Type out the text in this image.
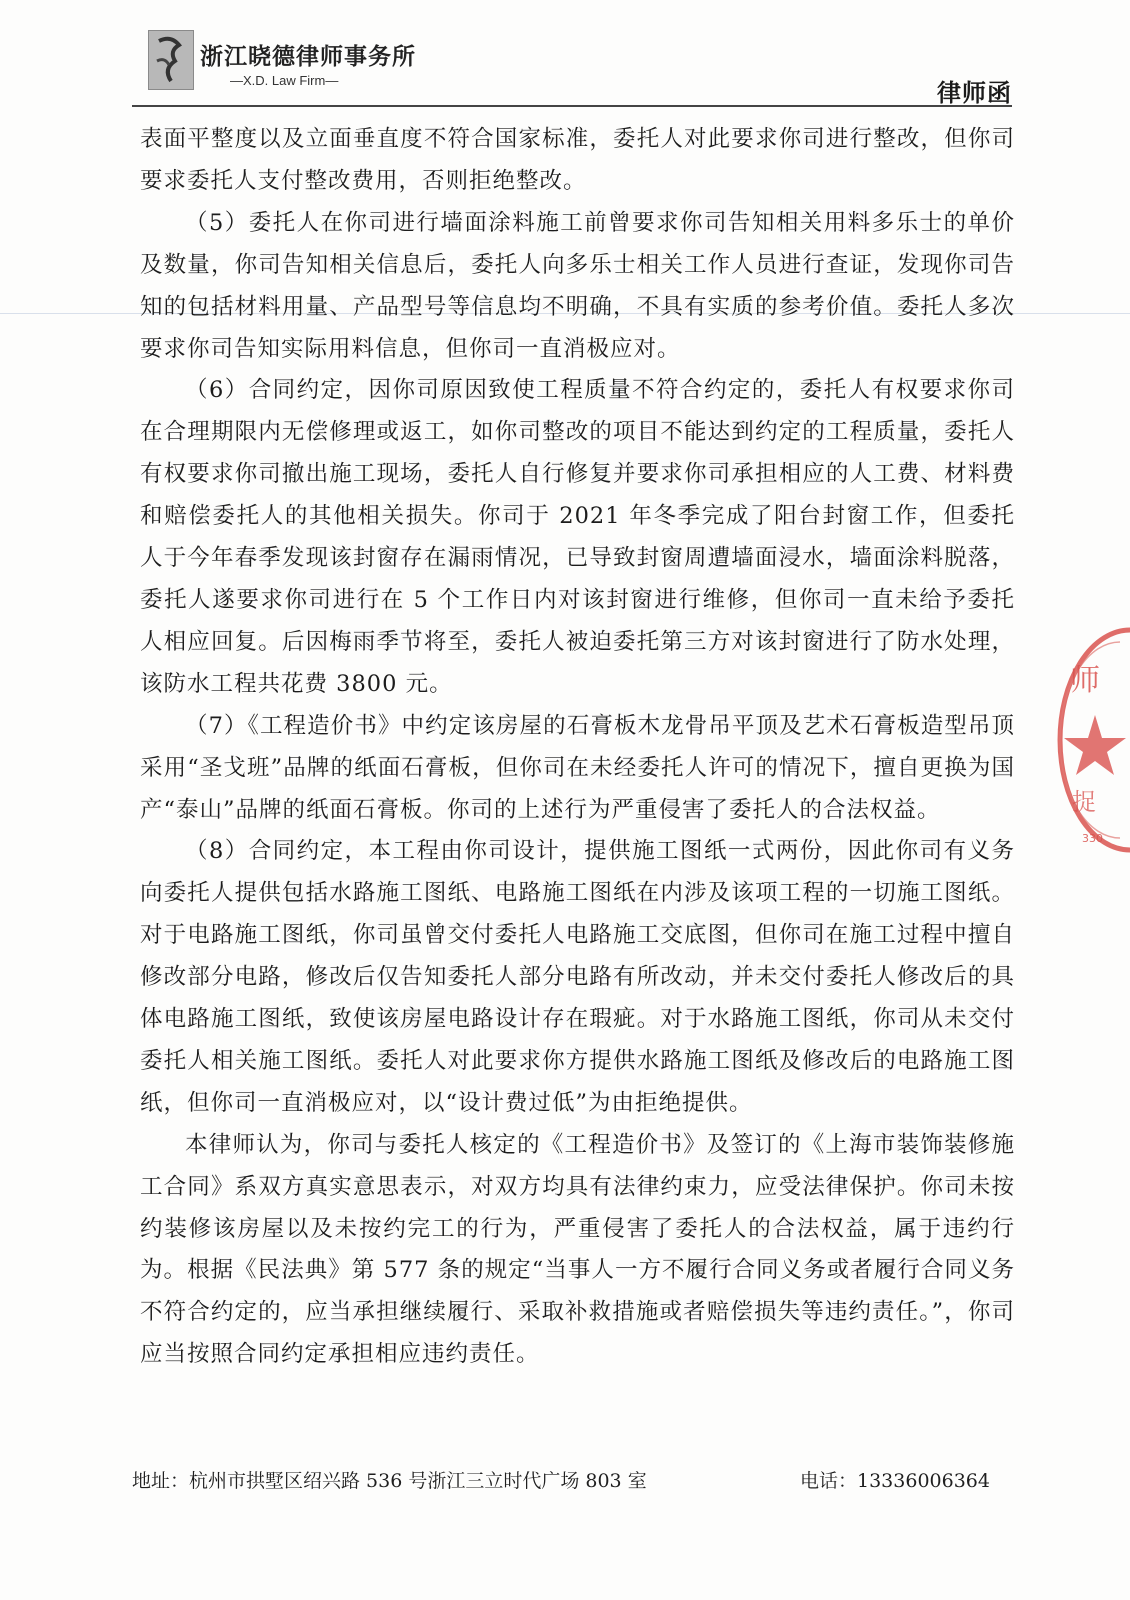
浙江晓德律师事务所
—X.D. Law Firm—	律师函

表面平整度以及立面垂直度不符合国家标准，委托人对此要求你司进行整改，但你司要求委托人支付整改费用，否则拒绝整改。

（5）委托人在你司进行墙面涂料施工前曾要求你司告知相关用料多乐士的单价及数量，你司告知相关信息后，委托人向多乐士相关工作人员进行查证，发现你司告知的包括材料用量、产品型号等信息均不明确，不具有实质的参考价值。委托人多次要求你司告知实际用料信息，但你司一直消极应对。

（6）合同约定，因你司原因致使工程质量不符合约定的，委托人有权要求你司在合理期限内无偿修理或返工，如你司整改的项目不能达到约定的工程质量，委托人有权要求你司撤出施工现场，委托人自行修复并要求你司承担相应的人工费、材料费和赔偿委托人的其他相关损失。你司于 2021 年冬季完成了阳台封窗工作，但委托人于今年春季发现该封窗存在漏雨情况，已导致封窗周遭墙面浸水，墙面涂料脱落，委托人遂要求你司进行在 5 个工作日内对该封窗进行维修，但你司一直未给予委托人相应回复。后因梅雨季节将至，委托人被迫委托第三方对该封窗进行了防水处理，该防水工程共花费 3800 元。

（7）《工程造价书》中约定该房屋的石膏板木龙骨吊平顶及艺术石膏板造型吊顶采用“圣戈班”品牌的纸面石膏板，但你司在未经委托人许可的情况下，擅自更换为国产“泰山”品牌的纸面石膏板。你司的上述行为严重侵害了委托人的合法权益。

（8）合同约定，本工程由你司设计，提供施工图纸一式两份，因此你司有义务向委托人提供包括水路施工图纸、电路施工图纸在内涉及该项工程的一切施工图纸。对于电路施工图纸，你司虽曾交付委托人电路施工交底图，但你司在施工过程中擅自修改部分电路，修改后仅告知委托人部分电路有所改动，并未交付委托人修改后的具体电路施工图纸，致使该房屋电路设计存在瑕疵。对于水路施工图纸，你司从未交付委托人相关施工图纸。委托人对此要求你方提供水路施工图纸及修改后的电路施工图纸，但你司一直消极应对，以“设计费过低”为由拒绝提供。

本律师认为，你司与委托人核定的《工程造价书》及签订的《上海市装饰装修施工合同》系双方真实意思表示，对双方均具有法律约束力，应受法律保护。你司未按约装修该房屋以及未按约完工的行为，严重侵害了委托人的合法权益，属于违约行为。根据《民法典》第 577 条的规定“当事人一方不履行合同义务或者履行合同义务不符合约定的，应当承担继续履行、采取补救措施或者赔偿损失等违约责任。”，你司应当按照合同约定承担相应违约责任。

师
捉
330
地址：杭州市拱墅区绍兴路 536 号浙江三立时代广场 803 室	电话：13336006364
